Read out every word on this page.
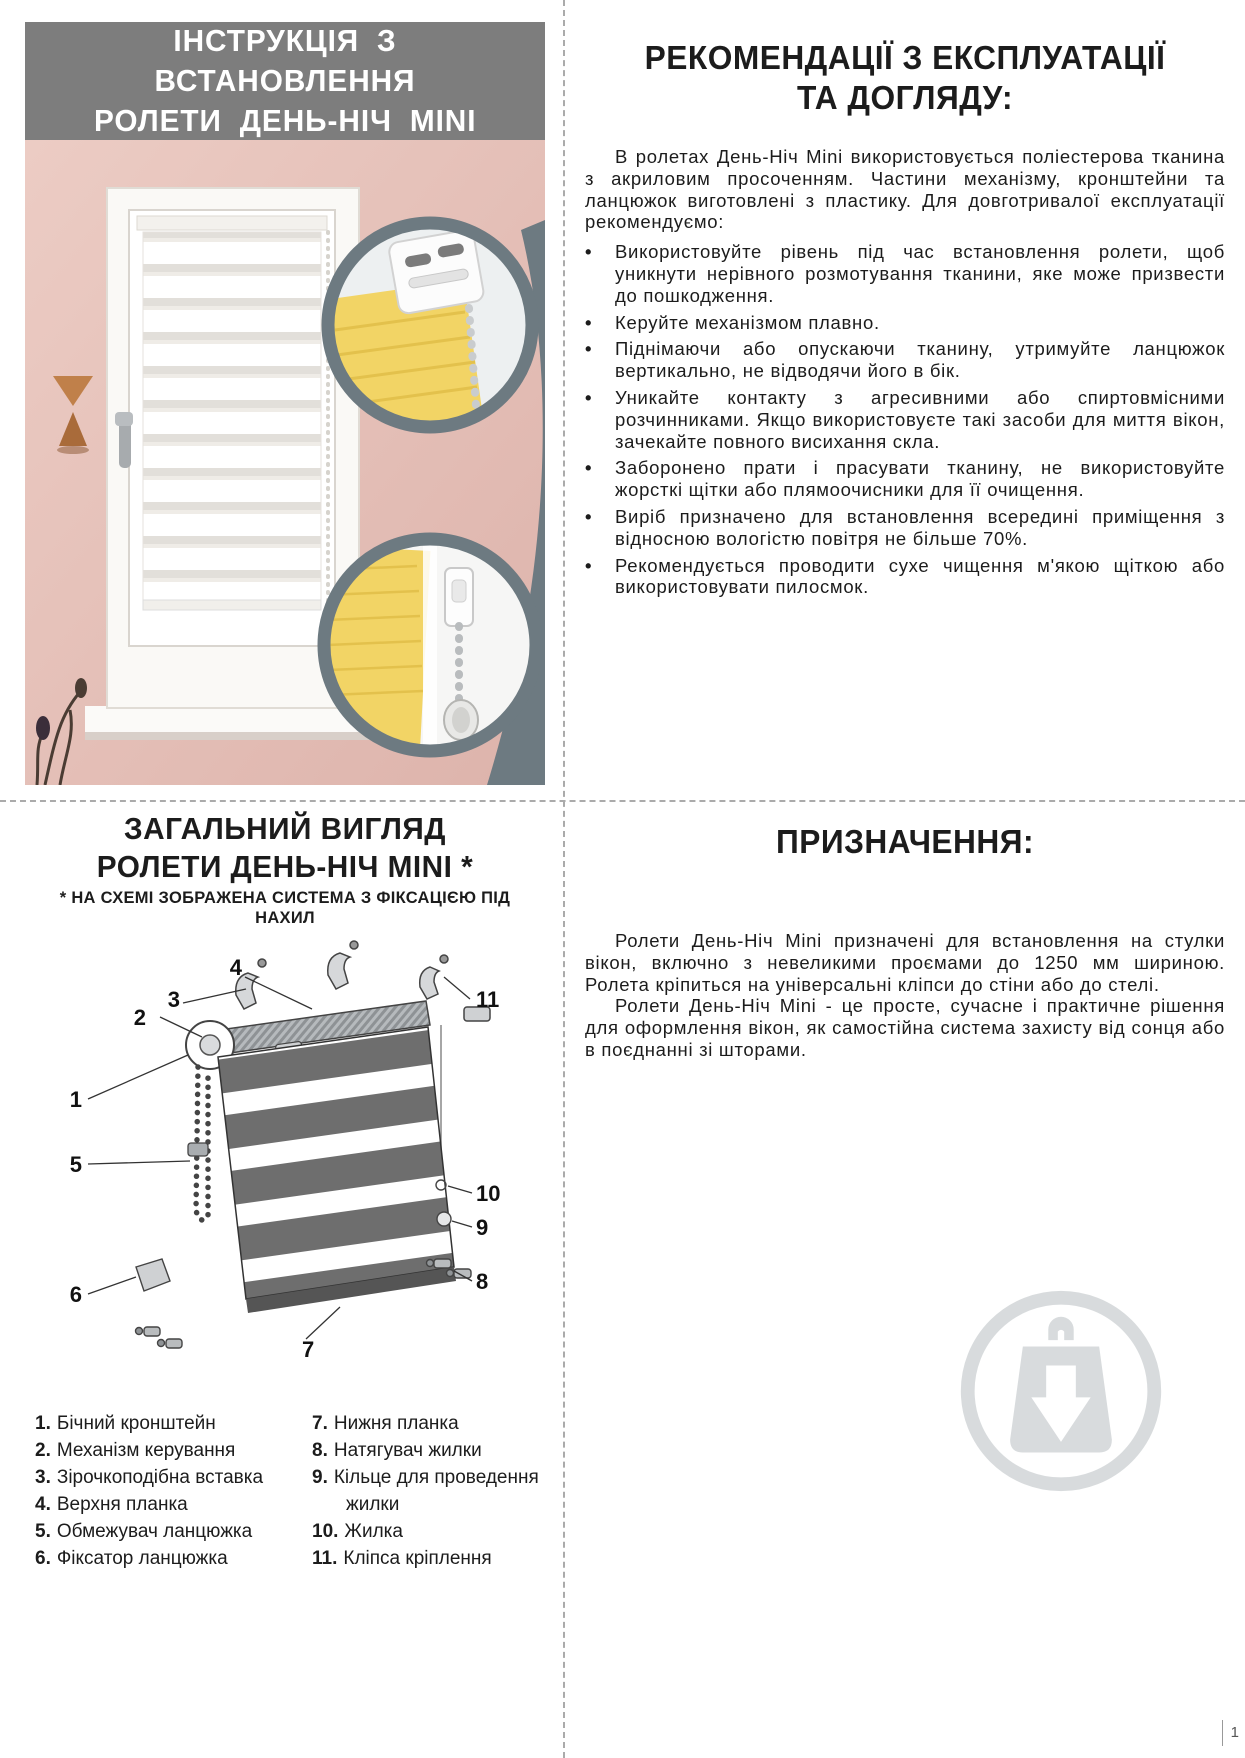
ІНСТРУКЦІЯ З ВСТАНОВЛЕННЯ
РОЛЕТИ ДЕНЬ-НІЧ MINI
РЕКОМЕНДАЦІЇ З ЕКСПЛУАТАЦІЇ
ТА ДОГЛЯДУ:

В ролетах День-Ніч Mini використовується поліестерова тканина з акриловим просоченням. Частини механізму, кронштейни та ланцюжок виготовлені з пластику. Для довготривалої експлуатації рекомендуємо:

• Використовуйте рівень під час встановлення ролети, щоб уникнути нерівного розмотування тканини, яке може призвести до пошкодження.
• Керуйте механізмом плавно.
• Піднімаючи або опускаючи тканину, утримуйте ланцюжок вертикально, не відводячи його в бік.
• Уникайте контакту з агресивними або спиртовмісними розчинниками. Якщо використовуєте такі засоби для миття вікон, зачекайте повного висихання скла.
• Заборонено прати і прасувати тканину, не використовуйте жорсткі щітки або плямоочисники для її очищення.
• Виріб призначено для встановлення всередині приміщення з відносною вологістю повітря не більше 70%.
• Рекомендується проводити сухе чищення м'якою щіткою або використовувати пилосмок.
ЗАГАЛЬНИЙ ВИГЛЯД
РОЛЕТИ ДЕНЬ-НІЧ MINI *
* НА СХЕМІ ЗОБРАЖЕНА СИСТЕМА З ФІКСАЦІЄЮ ПІД НАХИЛ
2
3
4
11
1
5
6
7
10
9
8
1. Бічний кронштейн
2. Механізм керування
3. Зірочкоподібна вставка
4. Верхня планка
5. Обмежувач ланцюжка
6. Фіксатор ланцюжка
7. Нижня планка
8. Натягувач жилки
9. Кільце для проведення жилки
10. Жилка
11. Кліпса кріплення
ПРИЗНАЧЕННЯ:

Ролети День-Ніч Mini призначені для встановлення на стулки вікон, включно з невеликими проємами до 1250 мм шириною. Ролета кріпиться на універсальні кліпси до стіни або до стелі.

Ролети День-Ніч Mini - це просте, сучасне і практичне рішення для оформлення вікон, як самостійна система захисту від сонця або в поєднанні зі шторами.

1
